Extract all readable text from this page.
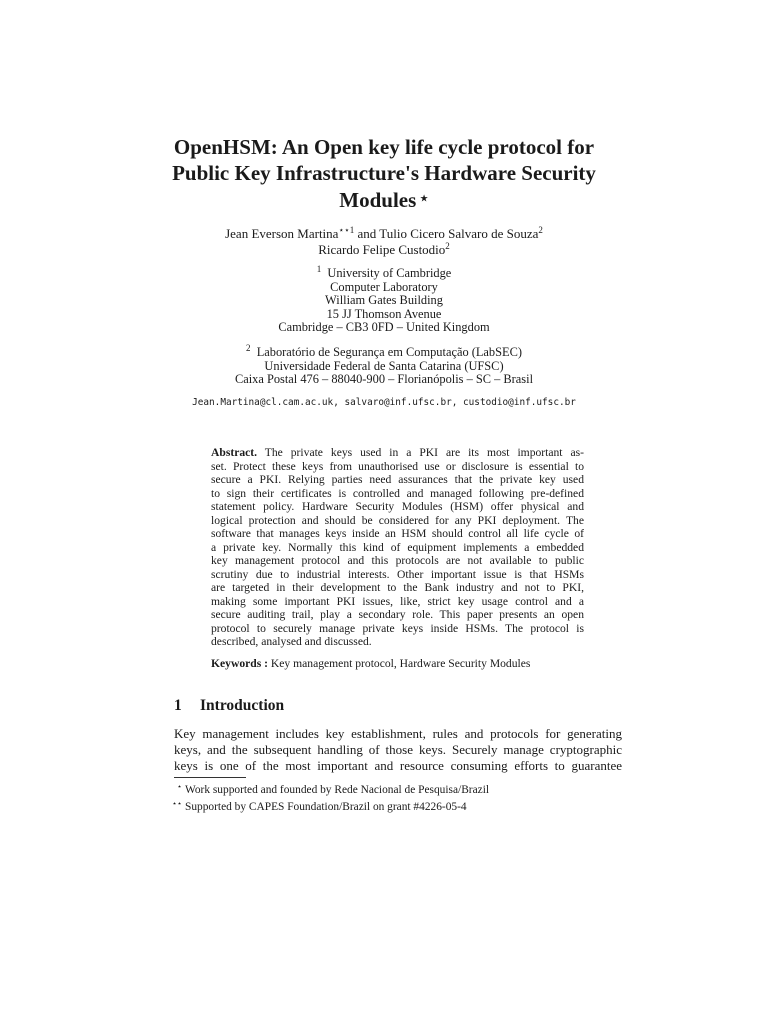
OpenHSM: An Open key life cycle protocol for
Public Key Infrastructure's Hardware Security
Modules ⋆
Jean Everson Martina$^{⋆⋆1}$ and Tulio Cicero Salvaro de Souza$^2$
Ricardo Felipe Custodio$^2$
$^1$ University of Cambridge
Computer Laboratory
William Gates Building
15 JJ Thomson Avenue
Cambridge – CB3 0FD – United Kingdom
$^2$ Laboratório de Segurança em Computação (LabSEC)
Universidade Federal de Santa Catarina (UFSC)
Caixa Postal 476 – 88040-900 – Florianópolis – SC – Brasil
Jean.Martina@cl.cam.ac.uk, salvaro@inf.ufsc.br, custodio@inf.ufsc.br
Abstract. The private keys used in a PKI are its most important as-
set. Protect these keys from unauthorised use or disclosure is essential to
secure a PKI. Relying parties need assurances that the private key used
to sign their certificates is controlled and managed following pre-defined
statement policy. Hardware Security Modules (HSM) offer physical and
logical protection and should be considered for any PKI deployment. The
software that manages keys inside an HSM should control all life cycle of
a private key. Normally this kind of equipment implements a embedded
key management protocol and this protocols are not available to public
scrutiny due to industrial interests. Other important issue is that HSMs
are targeted in their development to the Bank industry and not to PKI,
making some important PKI issues, like, strict key usage control and a
secure auditing trail, play a secondary role. This paper presents an open
protocol to securely manage private keys inside HSMs. The protocol is
described, analysed and discussed.
Keywords : Key management protocol, Hardware Security Modules
1 Introduction
Key management includes key establishment, rules and protocols for generating
keys, and the subsequent handling of those keys. Securely manage cryptographic
keys is one of the most important and resource consuming efforts to guarantee
⋆ Work supported and founded by Rede Nacional de Pesquisa/Brazil
⋆⋆ Supported by CAPES Foundation/Brazil on grant #4226-05-4
